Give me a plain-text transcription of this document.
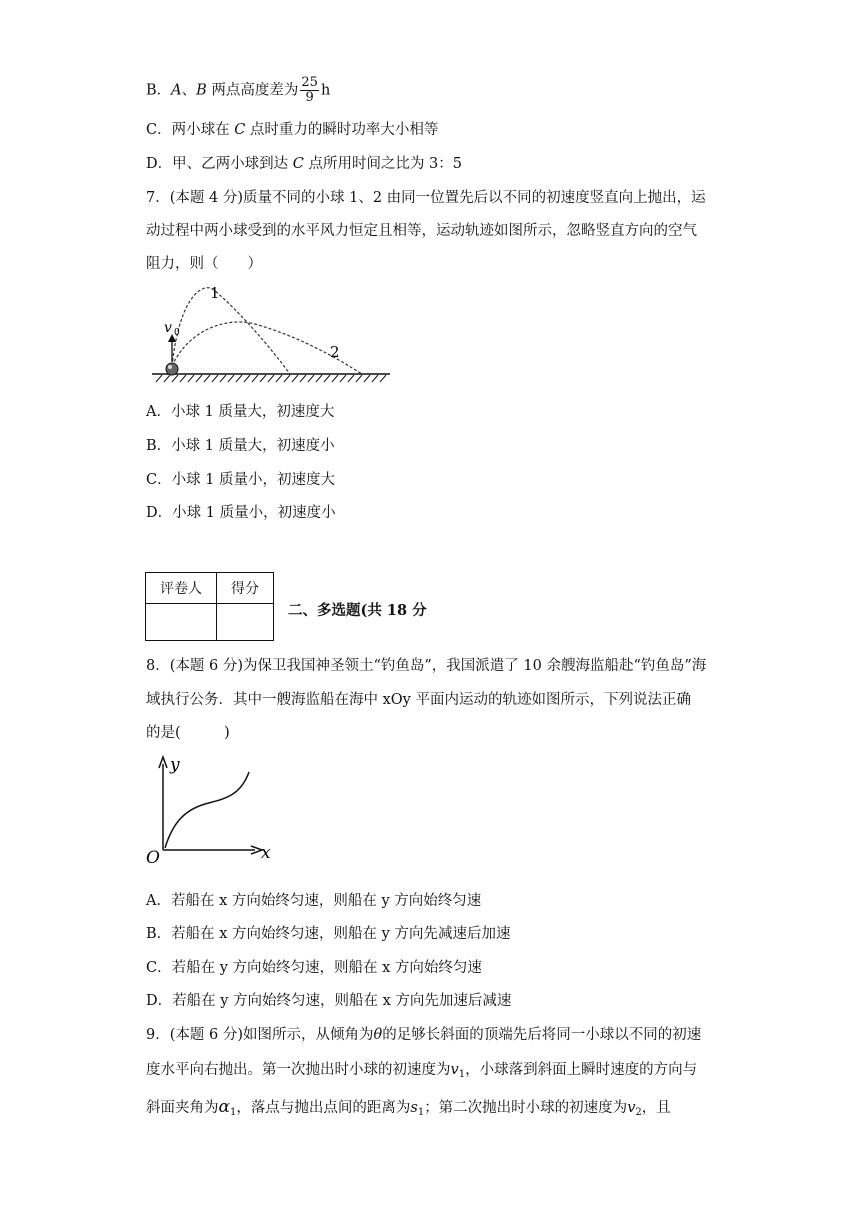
B．A、B 两点高度差为 $\frac{25}{9}$ h
C．两小球在 C 点时重力的瞬时功率大小相等
D．甲、乙两小球到达 C 点所用时间之比为 3：5
7．(本题 4 分)质量不同的小球 1、2 由同一位置先后以不同的初速度竖直向上抛出，运
动过程中两小球受到的水平风力恒定且相等，运动轨迹如图所示，忽略竖直方向的空气
阻力，则（　　）
v 0
1
2
A．小球 1 质量大，初速度大
B．小球 1 质量大，初速度小
C．小球 1 质量小，初速度大
D．小球 1 质量小，初速度小
评卷人	得分

二、多选题(共 18 分
8．(本题 6 分)为保卫我国神圣领土“钓鱼岛”，我国派遣了 10 余艘海监船赴“钓鱼岛”海
域执行公务．其中一艘海监船在海中 xOy 平面内运动的轨迹如图所示，下列说法正确
的是(　　　)
y
x
O
A．若船在 x 方向始终匀速，则船在 y 方向始终匀速
B．若船在 x 方向始终匀速，则船在 y 方向先减速后加速
C．若船在 y 方向始终匀速，则船在 x 方向始终匀速
D．若船在 y 方向始终匀速，则船在 x 方向先加速后减速
9．(本题 6 分)如图所示，从倾角为θ的足够长斜面的顶端先后将同一小球以不同的初速
度水平向右抛出。第一次抛出时小球的初速度为$v_1$，小球落到斜面上瞬时速度的方向与
斜面夹角为$\alpha_1$，落点与抛出点间的距离为$s_1$；第二次抛出时小球的初速度为$v_2$，且
